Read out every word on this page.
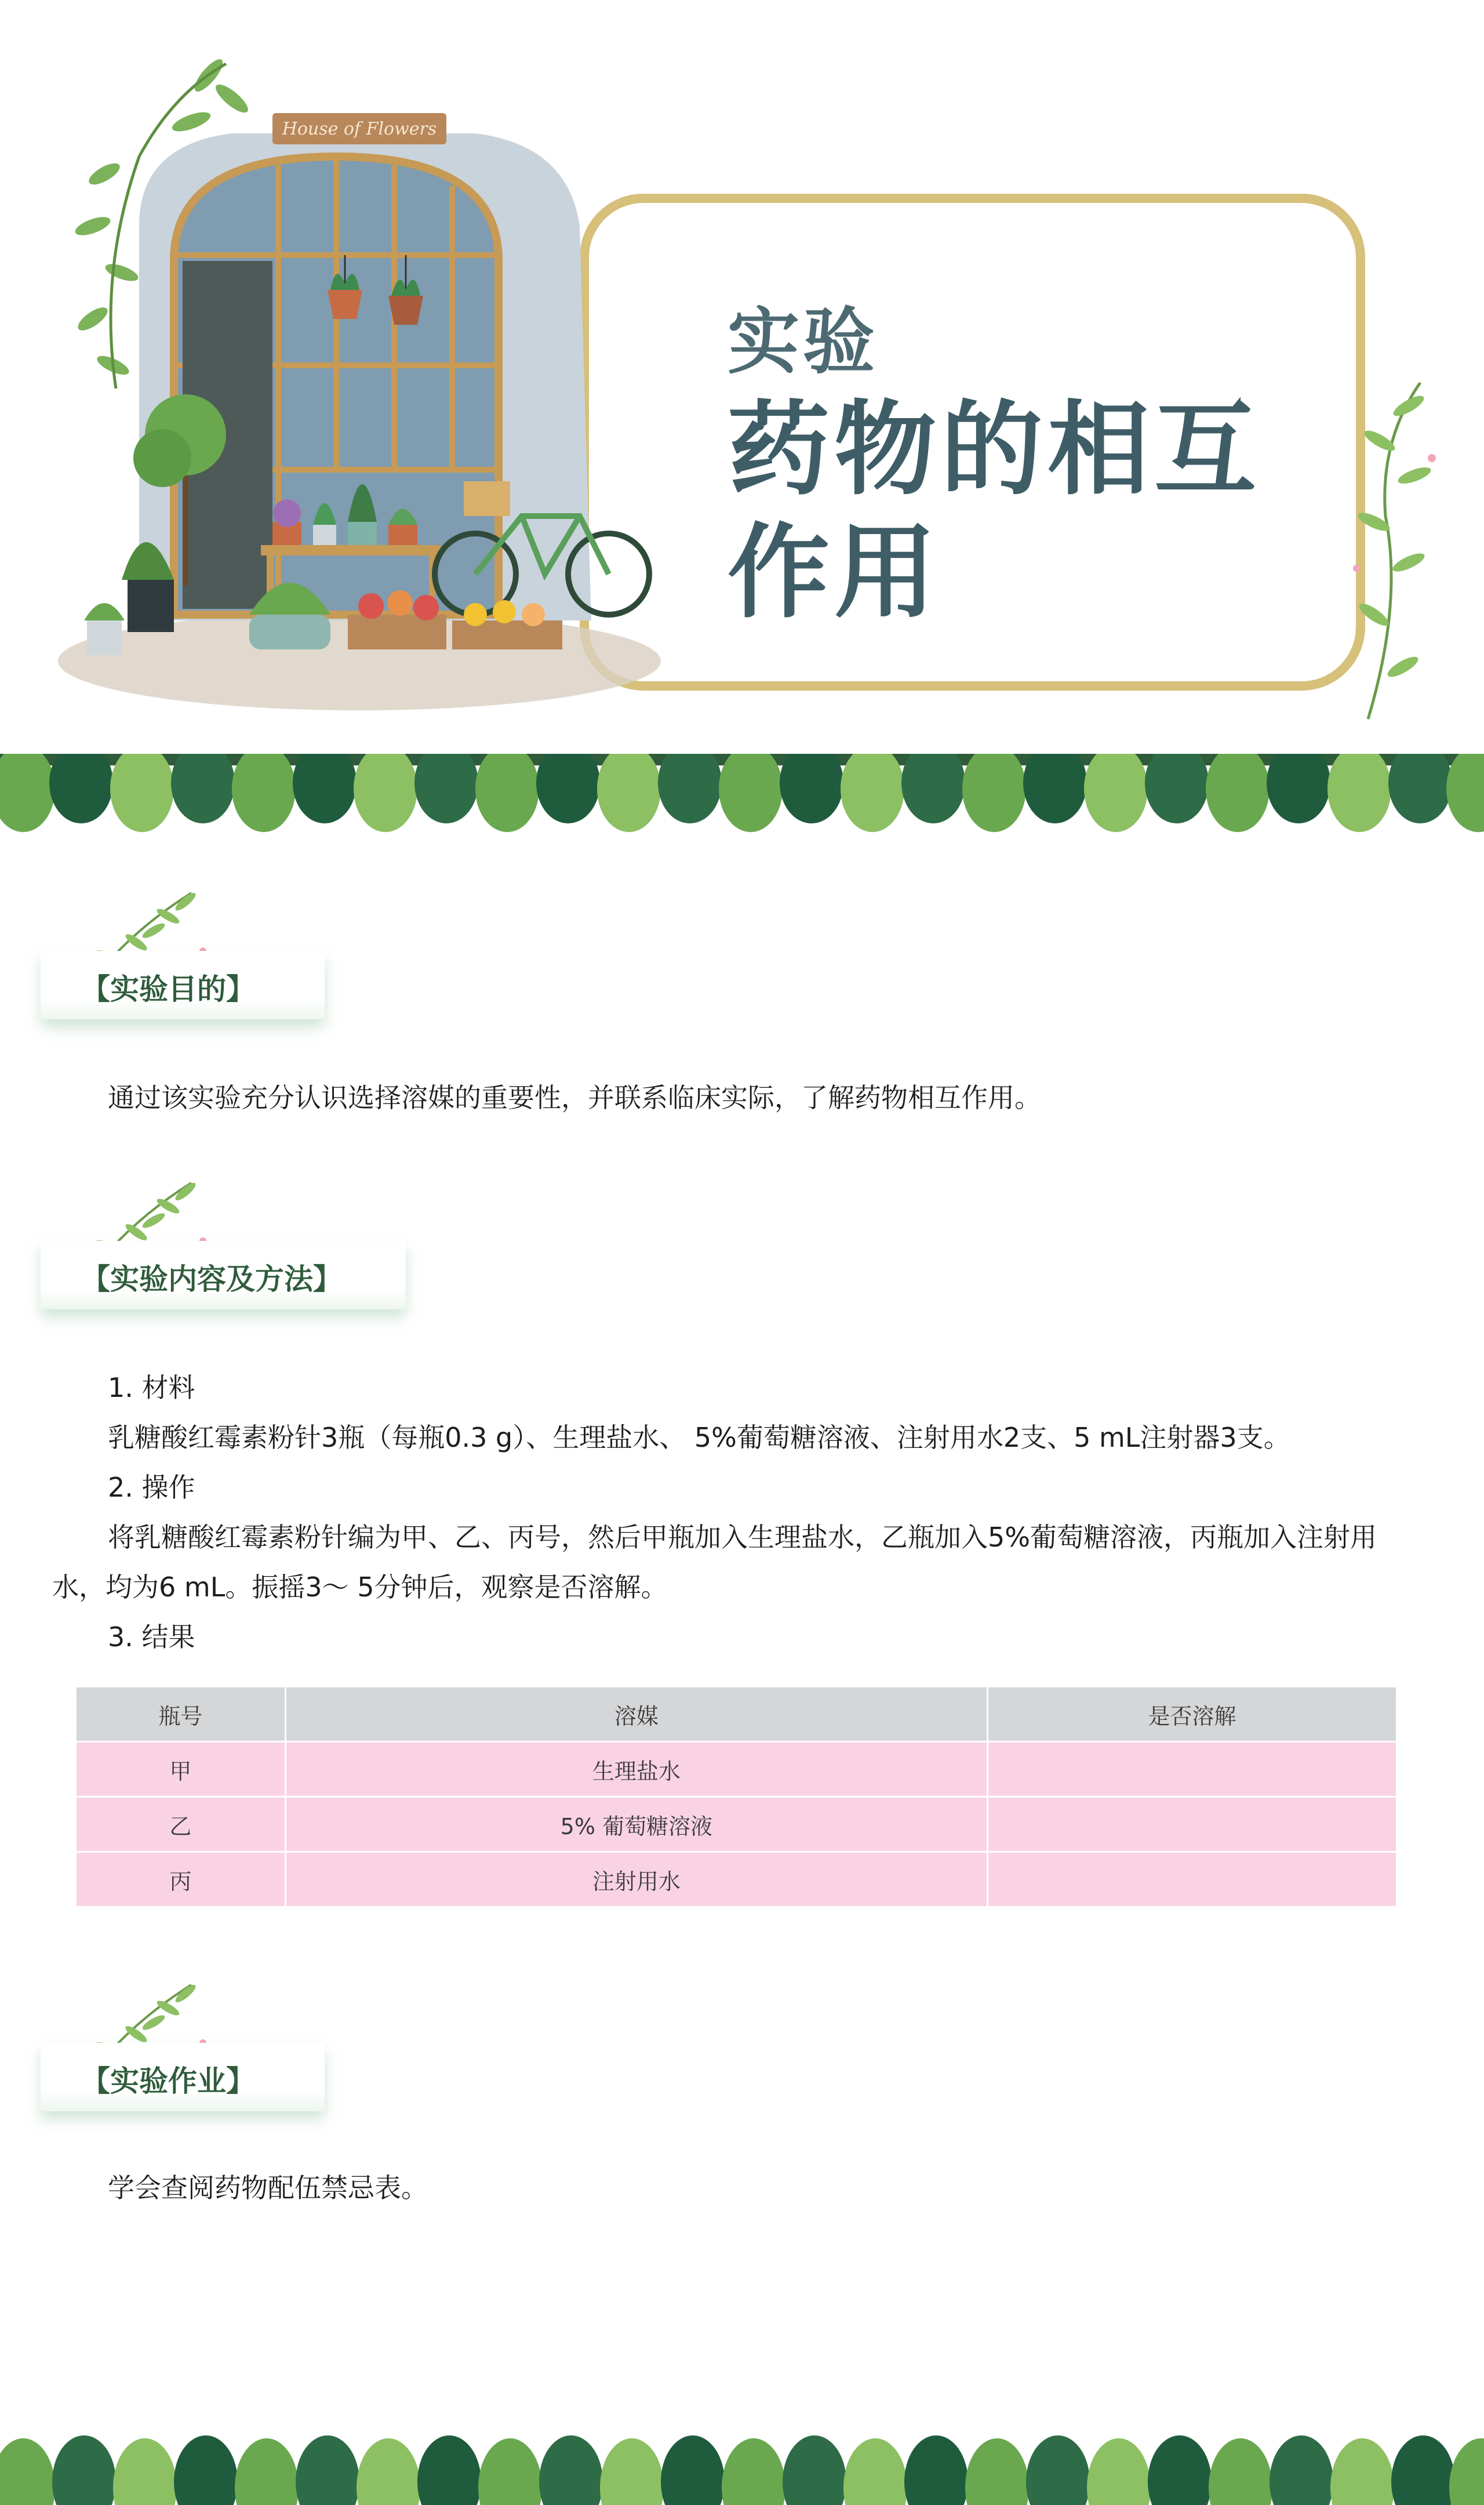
House of Flowers
实验
药物的相互作用
【实验目的】
通过该实验充分认识选择溶媒的重要性，并联系临床实际，了解药物相互作用。
【实验内容及方法】
1. 材料
乳糖酸红霉素粉针3瓶（每瓶0.3 g）、生理盐水、 5%葡萄糖溶液、注射用水2支、5 mL注射器3支。
2. 操作
将乳糖酸红霉素粉针编为甲、乙、丙号，然后甲瓶加入生理盐水，乙瓶加入5%葡萄糖溶液，丙瓶加入注射用
水，均为6 mL。振摇3～ 5分钟后，观察是否溶解。
3. 结果
瓶号	溶媒	是否溶解
甲	生理盐水	
乙	5% 葡萄糖溶液	
丙	注射用水	
【实验作业】
学会查阅药物配伍禁忌表。
